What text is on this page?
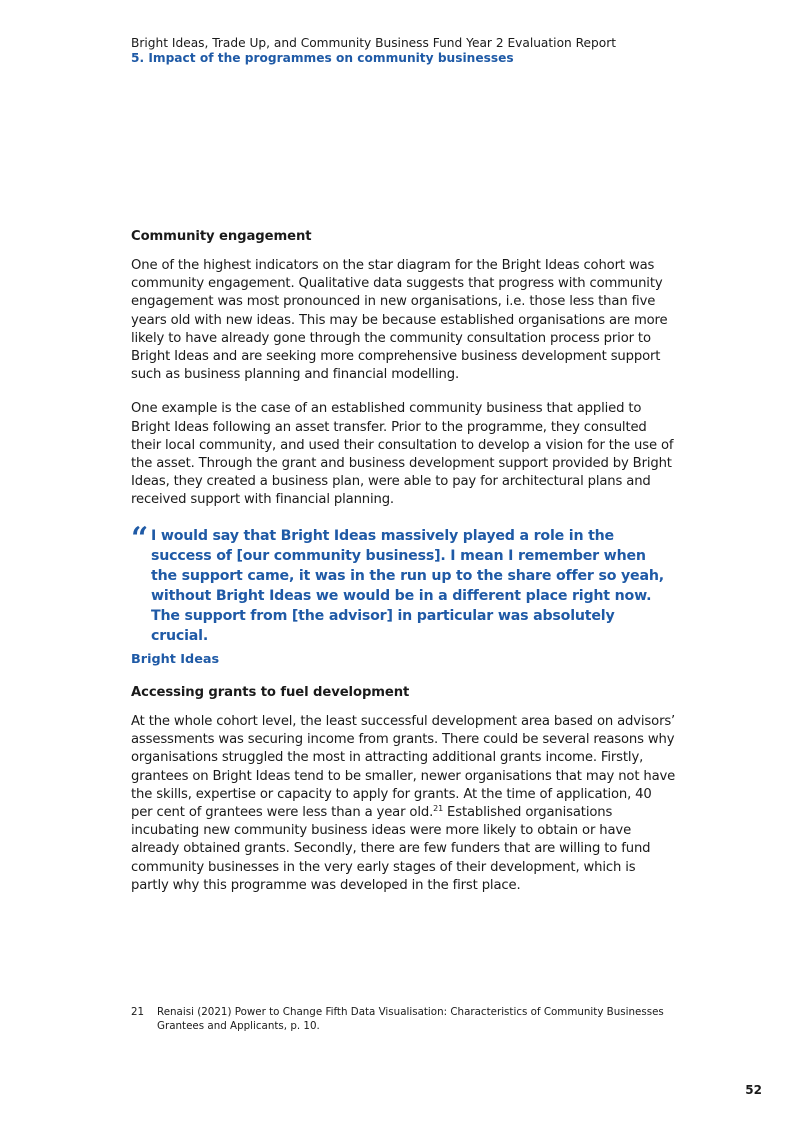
Bright Ideas, Trade Up, and Community Business Fund Year 2 Evaluation Report
5. Impact of the programmes on community businesses
Community engagement

One of the highest indicators on the star diagram for the Bright Ideas cohort was community engagement. Qualitative data suggests that progress with community engagement was most pronounced in new organisations, i.e. those less than five years old with new ideas. This may be because established organisations are more likely to have already gone through the community consultation process prior to Bright Ideas and are seeking more comprehensive business development support such as business planning and financial modelling.

One example is the case of an established community business that applied to Bright Ideas following an asset transfer. Prior to the programme, they consulted their local community, and used their consultation to develop a vision for the use of the asset. Through the grant and business development support provided by Bright Ideas, they created a business plan, were able to pay for architectural plans and received support with financial planning.

“ I would say that Bright Ideas massively played a role in the success of [our community business]. I mean I remember when the support came, it was in the run up to the share offer so yeah, without Bright Ideas we would be in a different place right now. The support from [the advisor] in particular was absolutely crucial.

Bright Ideas
Accessing grants to fuel development

At the whole cohort level, the least successful development area based on advisors’ assessments was securing income from grants. There could be several reasons why organisations struggled the most in attracting additional grants income. Firstly, grantees on Bright Ideas tend to be smaller, newer organisations that may not have the skills, expertise or capacity to apply for grants. At the time of application, 40 per cent of grantees were less than a year old.$^{21}$ Established organisations incubating new community business ideas were more likely to obtain or have already obtained grants. Secondly, there are few funders that are willing to fund community businesses in the very early stages of their development, which is partly why this programme was developed in the first place.

21	Renaisi (2021) Power to Change Fifth Data Visualisation: Characteristics of Community Businesses Grantees and Applicants, p. 10.
52
